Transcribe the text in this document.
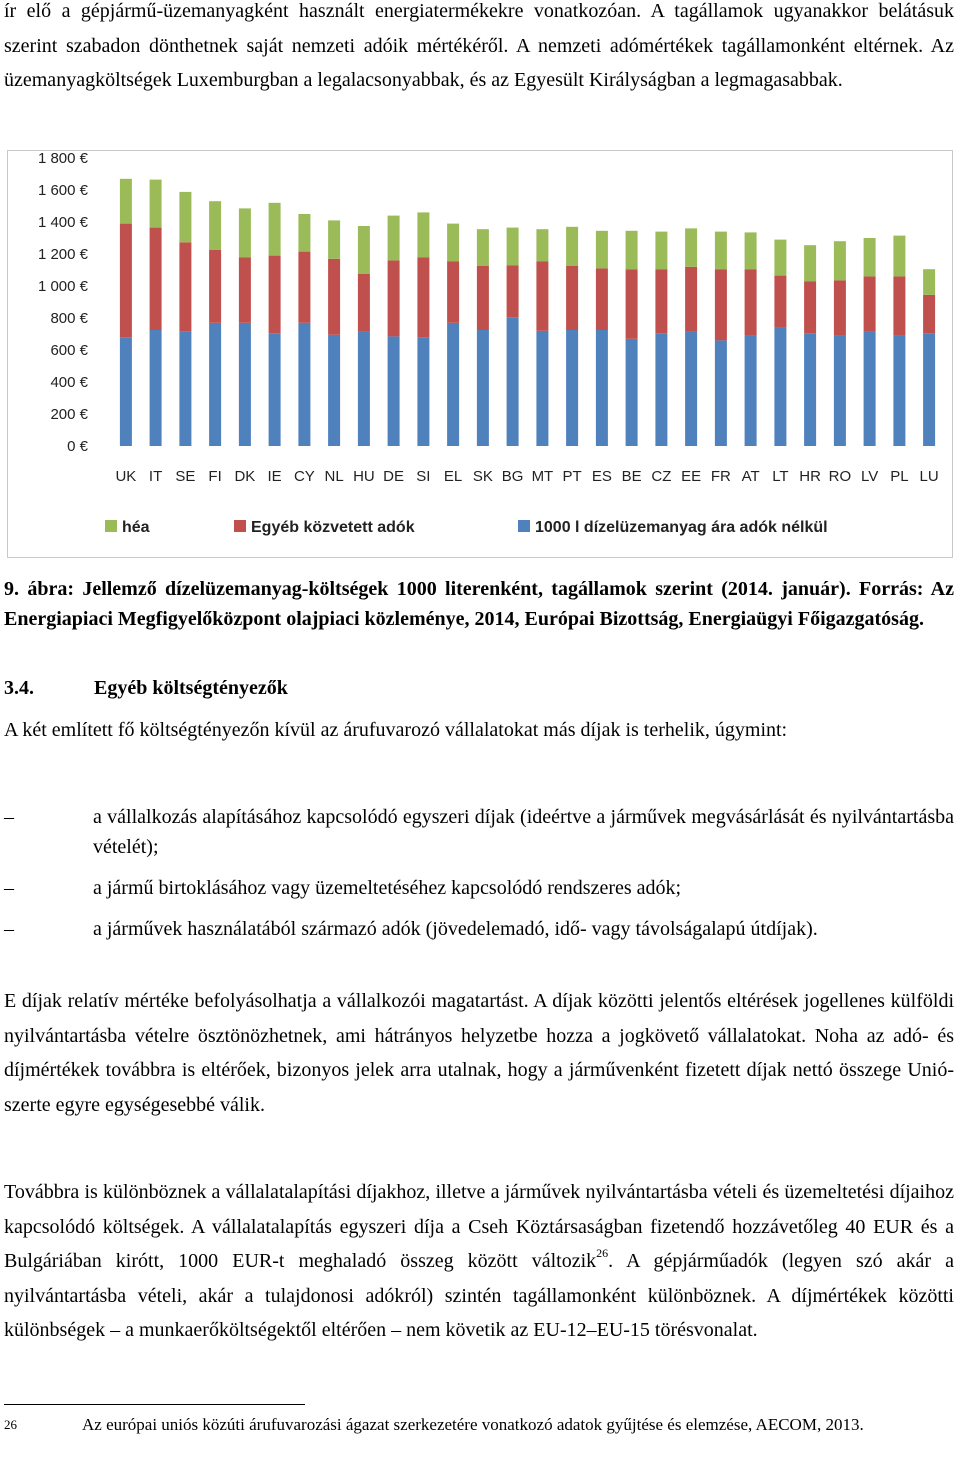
ír elő a gépjármű-üzemanyagként használt energiatermékekre vonatkozóan. A tagállamok ugyanakkor belátásuk szerint szabadon dönthetnek saját nemzeti adóik mértékéről. A nemzeti adómértékek tagállamonként eltérnek. Az üzemanyagköltségek Luxemburgban a legalacsonyabbak, és az Egyesült Királyságban a legmagasabbak.

0 €
200 €
400 €
600 €
800 €
1 000 €
1 200 €
1 400 €
1 600 €
1 800 €
UK IT SE FI DK IE CY NL HU DE SI EL SK BG MT PT ES BE CZ EE FR AT LT HR RO LV PL LU
héa	Egyéb közvetett adók	1000 l dízelüzemanyag ára adók nélkül

9. ábra: Jellemző dízelüzemanyag-költségek 1000 literenként, tagállamok szerint (2014. január). Forrás: Az Energiapiaci Megfigyelőközpont olajpiaci közleménye, 2014, Európai Bizottság, Energiaügyi Főigazgatóság.

3.4.	Egyéb költségtényezők

A két említett fő költségtényezőn kívül az árufuvarozó vállalatokat más díjak is terhelik, úgymint:

–	a vállalkozás alapításához kapcsolódó egyszeri díjak (ideértve a járművek megvásárlását és nyilvántartásba vételét);

–	a jármű birtoklásához vagy üzemeltetéséhez kapcsolódó rendszeres adók;

–	a járművek használatából származó adók (jövedelemadó, idő- vagy távolságalapú útdíjak).

E díjak relatív mértéke befolyásolhatja a vállalkozói magatartást. A díjak közötti jelentős eltérések jogellenes külföldi nyilvántartásba vételre ösztönözhetnek, ami hátrányos helyzetbe hozza a jogkövető vállalatokat. Noha az adó- és díjmértékek továbbra is eltérőek, bizonyos jelek arra utalnak, hogy a járművenként fizetett díjak nettó összege Unió-szerte egyre egységesebbé válik.

Továbbra is különböznek a vállalatalapítási díjakhoz, illetve a járművek nyilvántartásba vételi és üzemeltetési díjaihoz kapcsolódó költségek. A vállalatalapítás egyszeri díja a Cseh Köztársaságban fizetendő hozzávetőleg 40 EUR és a Bulgáriában kirótt, 1000 EUR-t meghaladó összeg között változik$^{26}$. A gépjárműadók (legyen szó akár a nyilvántartásba vételi, akár a tulajdonosi adókról) szintén tagállamonként különböznek. A díjmértékek közötti különbségek – a munkaerőköltségektől eltérően – nem követik az EU-12–EU-15 törésvonalat.

26	Az európai uniós közúti árufuvarozási ágazat szerkezetére vonatkozó adatok gyűjtése és elemzése, AECOM, 2013.
